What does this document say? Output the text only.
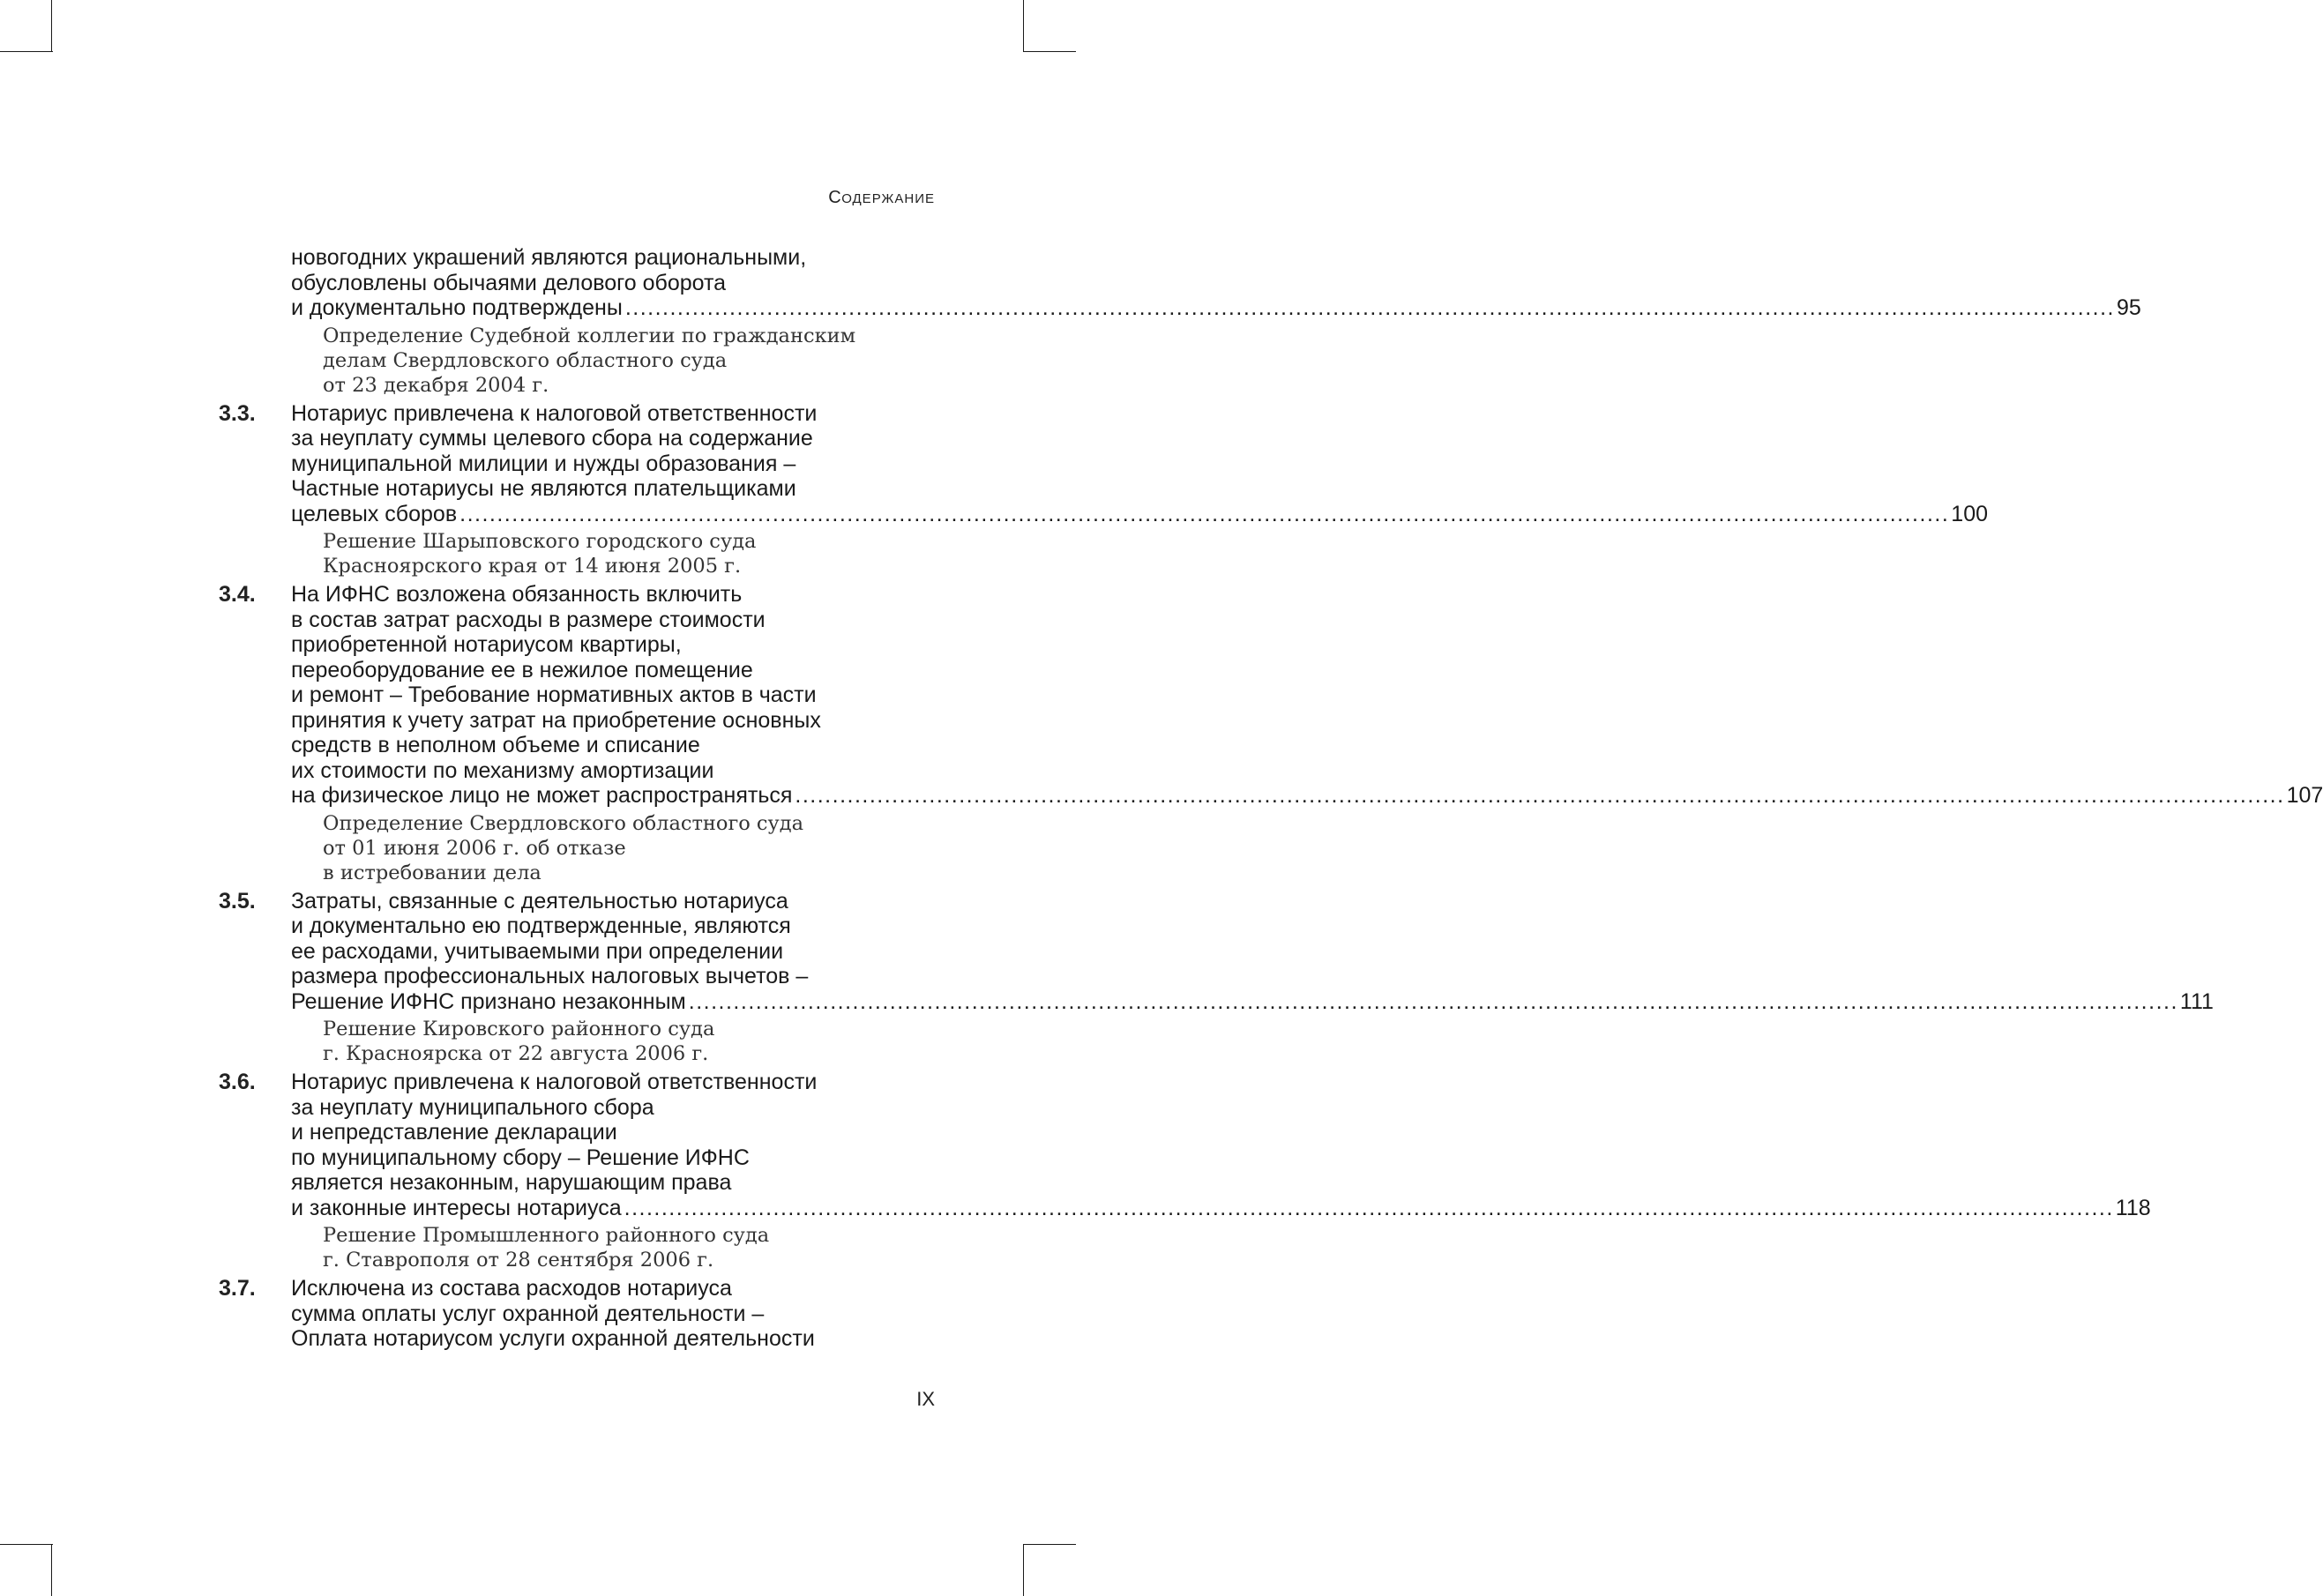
СОДЕРЖАНИЕ
новогодних украшений являются рациональными,
обусловлены обычаями делового оборота
и документально подтверждены ........................................................................................................................................................................................................ 95
Определение Судебной коллегии по гражданским
делам Свердловского областного суда
от 23 декабря 2004 г.
3.3.	Нотариус привлечена к налоговой ответственности
за неуплату суммы целевого сбора на содержание
муниципальной милиции и нужды образования –
Частные нотариусы не являются плательщиками
целевых сборов ........................................................................................................................................................................................................ 100
Решение Шарыповского городского суда
Красноярского края от 14 июня 2005 г.
3.4.	На ИФНС возложена обязанность включить
в состав затрат расходы в размере стоимости
приобретенной нотариусом квартиры,
переоборудование ее в нежилое помещение
и ремонт – Требование нормативных актов в части
принятия к учету затрат на приобретение основных
средств в неполном объеме и списание
их стоимости по механизму амортизации
на физическое лицо не может распространяться ........................................................................................................................................................................................................ 107
Определение Свердловского областного суда
от 01 июня 2006 г. об отказе
в истребовании дела
3.5.	Затраты, связанные с деятельностью нотариуса
и документально ею подтвержденные, являются
ее расходами, учитываемыми при определении
размера профессиональных налоговых вычетов –
Решение ИФНС признано незаконным ........................................................................................................................................................................................................ 111
Решение Кировского районного суда
г. Красноярска от 22 августа 2006 г.
3.6.	Нотариус привлечена к налоговой ответственности
за неуплату муниципального сбора
и непредставление декларации
по муниципальному сбору – Решение ИФНС
является незаконным, нарушающим права
и законные интересы нотариуса ........................................................................................................................................................................................................ 118
Решение Промышленного районного суда
г. Ставрополя от 28 сентября 2006 г.
3.7.	Исключена из состава расходов нотариуса
сумма оплаты услуг охранной деятельности –
Оплата нотариусом услуги охранной деятельности
IX
